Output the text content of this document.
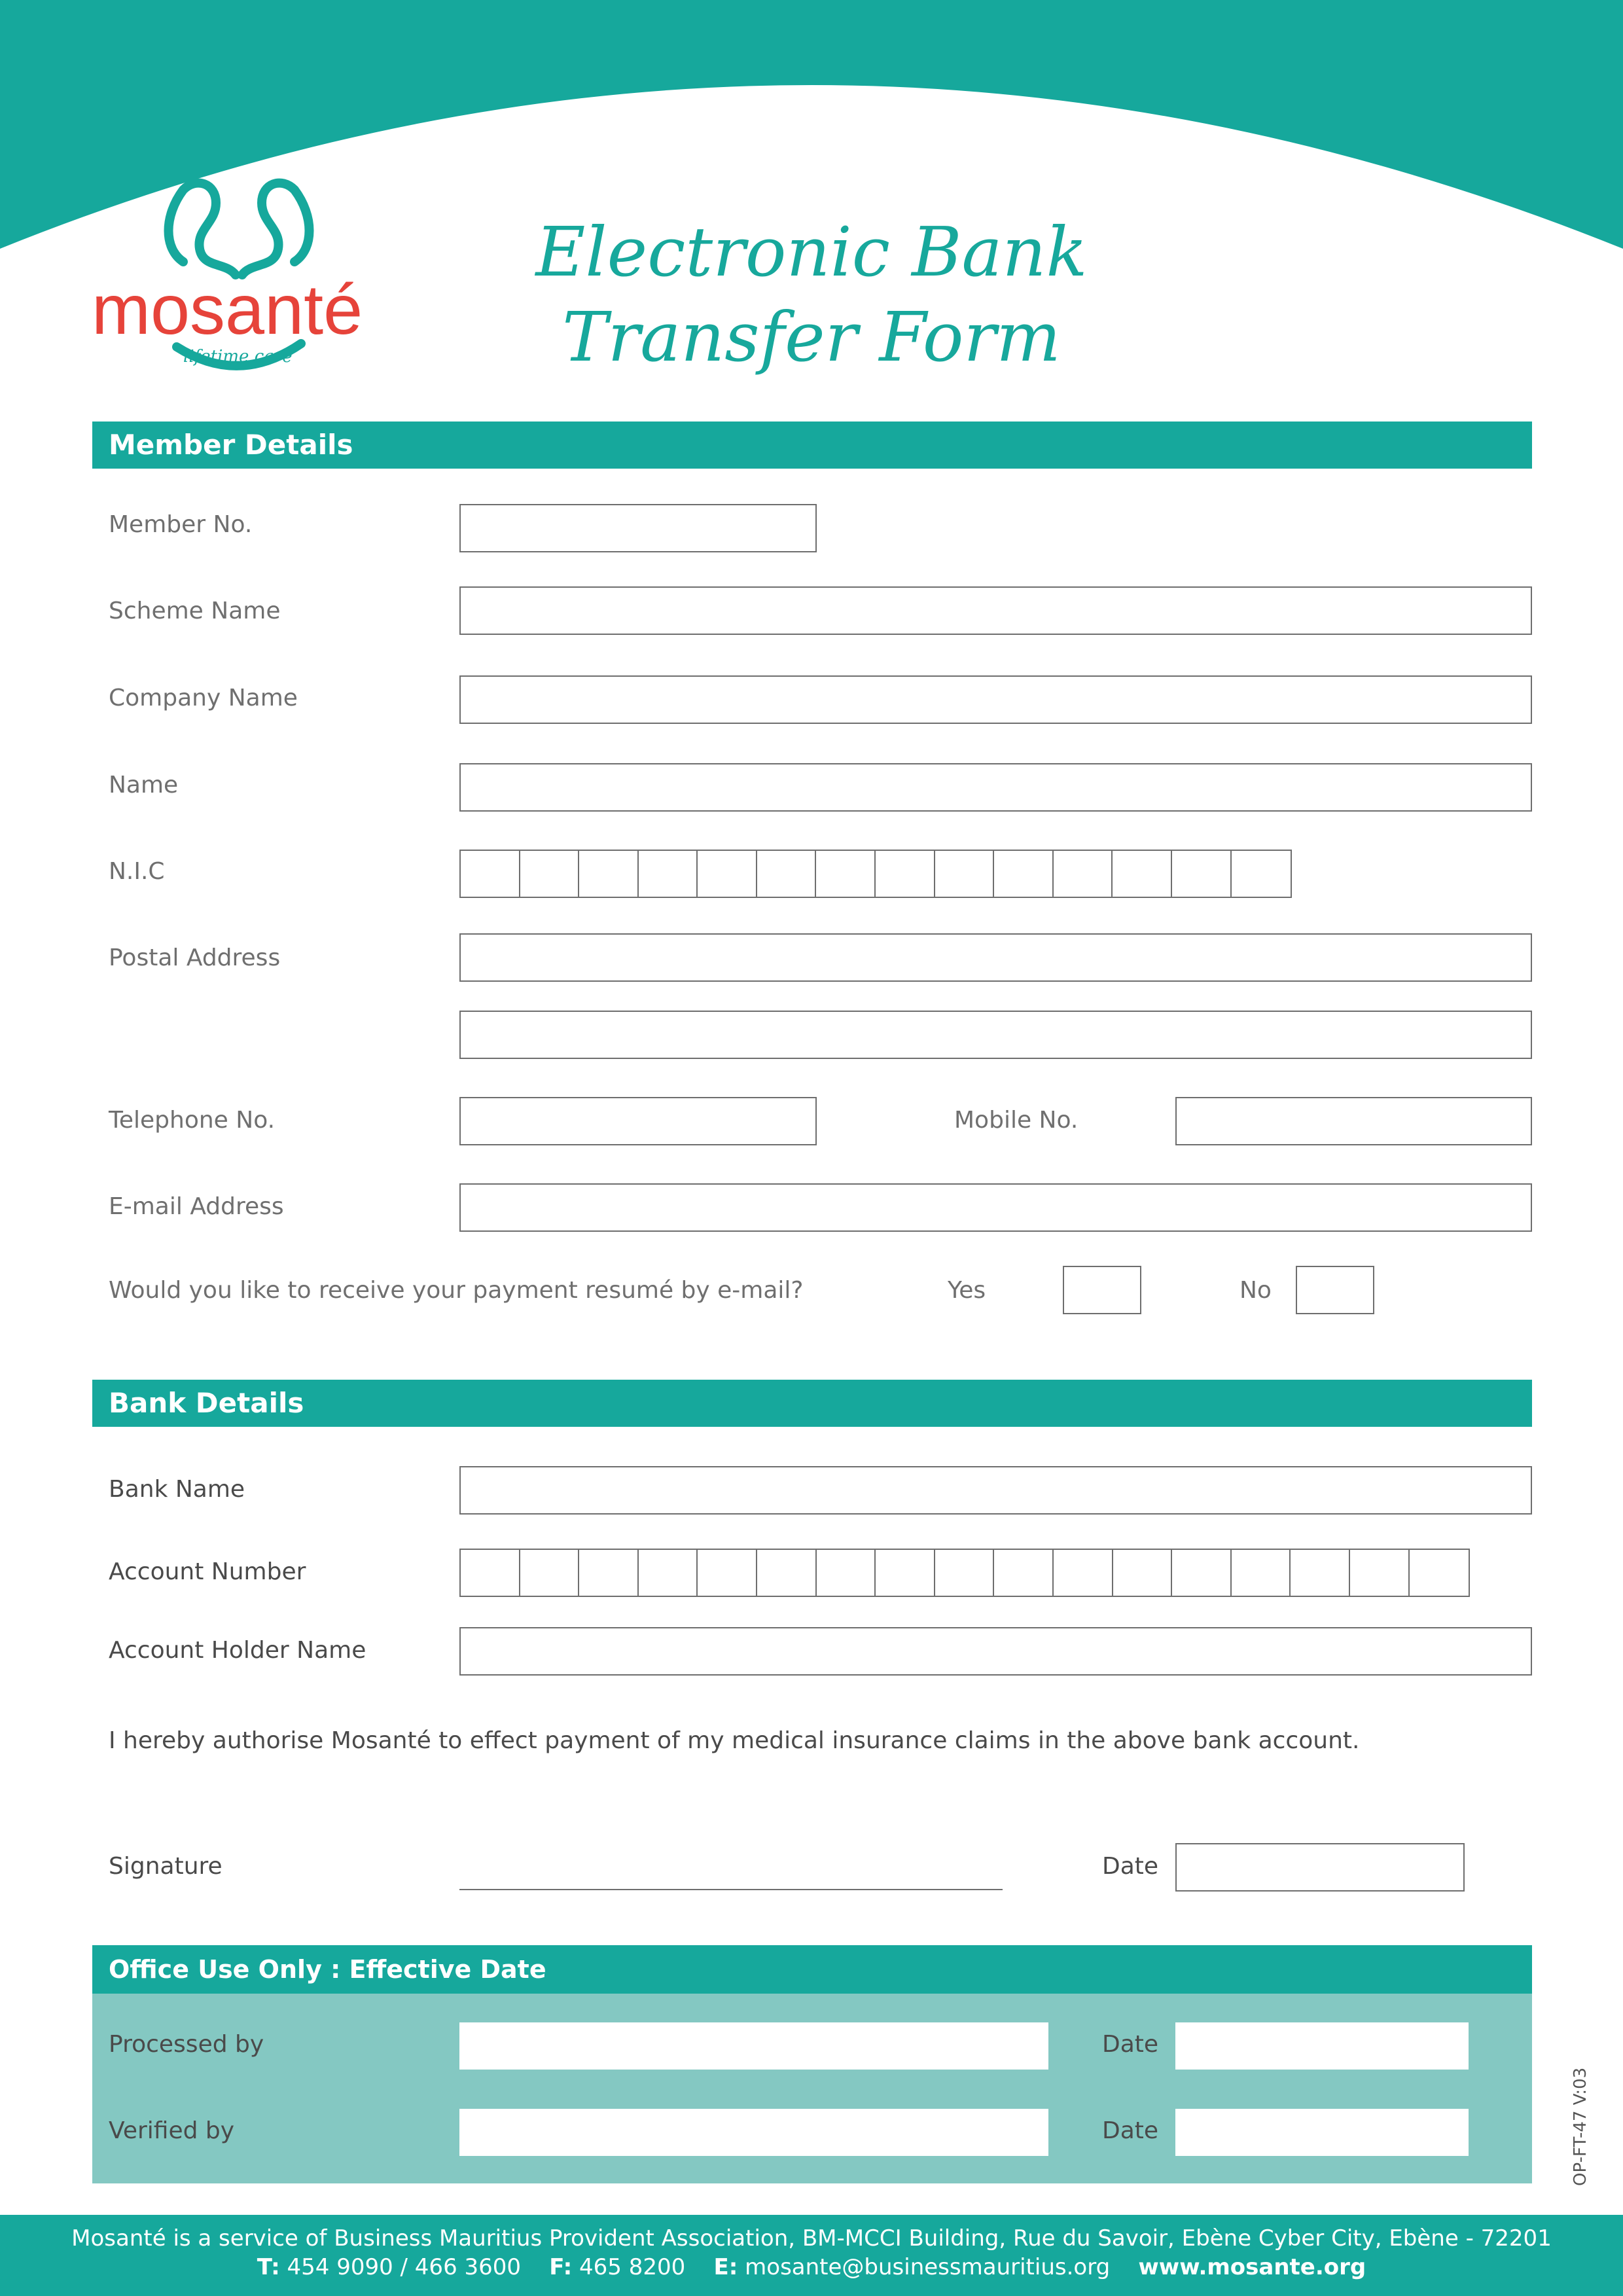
mosanté
lifetime care
Electronic Bank
Transfer Form
Member Details
Member No.
Scheme Name
Company Name
Name
N.I.C
Postal Address
Telephone No.	Mobile No.
E-mail Address
Would you like to receive your payment resumé by e-mail?	Yes	No
Bank Details
Bank Name
Account Number
Account Holder Name
I hereby authorise Mosanté to effect payment of my medical insurance claims in the above bank account.
Signature	Date
Office Use Only : Effective Date
Processed by	Date
Verified by	Date	OP-FT-47 V:03
Mosanté is a service of Business Mauritius Provident Association, BM-MCCI Building, Rue du Savoir, Ebène Cyber City, Ebène - 72201
T: 454 9090 / 466 3600 F: 465 8200 E: mosante@businessmauritius.org www.mosante.org
